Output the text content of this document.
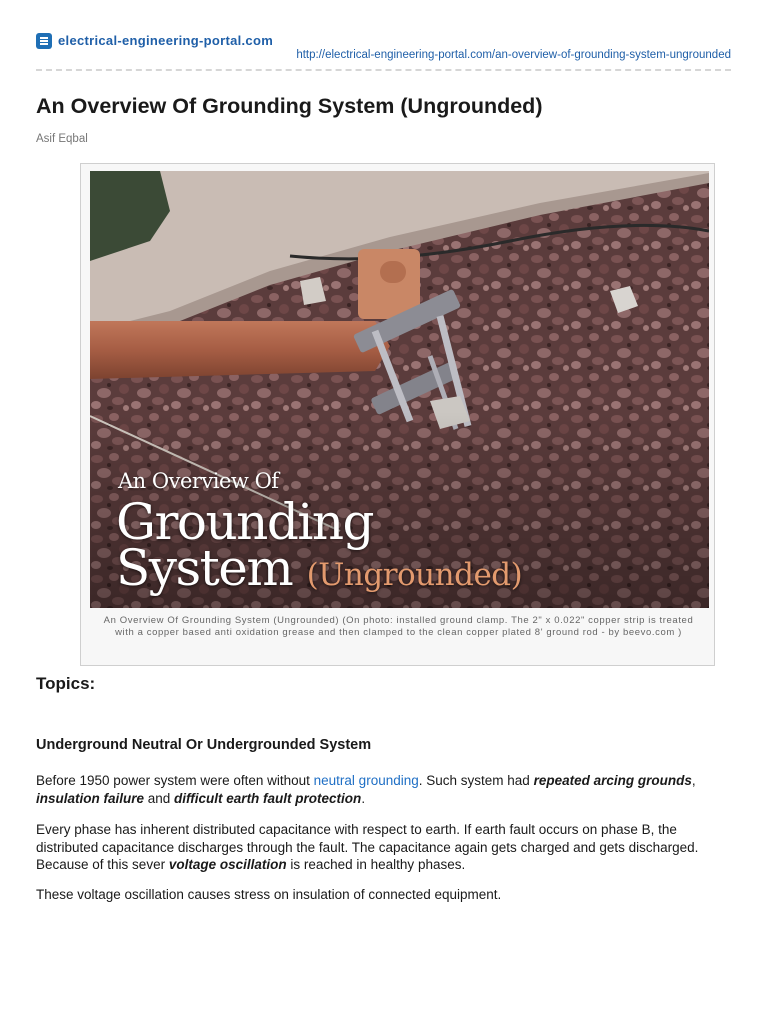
electrical-engineering-portal.com
http://electrical-engineering-portal.com/an-overview-of-grounding-system-ungrounded
An Overview Of Grounding System (Ungrounded)
Asif Eqbal
An Overview Of
Grounding
System (Ungrounded)
An Overview Of Grounding System (Ungrounded) (On photo: installed ground clamp. The 2" x 0.022" copper strip is treated with a copper based anti oxidation grease and then clamped to the clean copper plated 8' ground rod - by beevo.com )
Topics:
Underground Neutral Or Undergrounded System

Before 1950 power system were often without neutral grounding. Such system had repeated arcing grounds, insulation failure and difficult earth fault protection.

Every phase has inherent distributed capacitance with respect to earth. If earth fault occurs on phase B, the distributed capacitance discharges through the fault. The capacitance again gets charged and gets discharged. Because of this sever voltage oscillation is reached in healthy phases.

These voltage oscillation causes stress on insulation of connected equipment.
